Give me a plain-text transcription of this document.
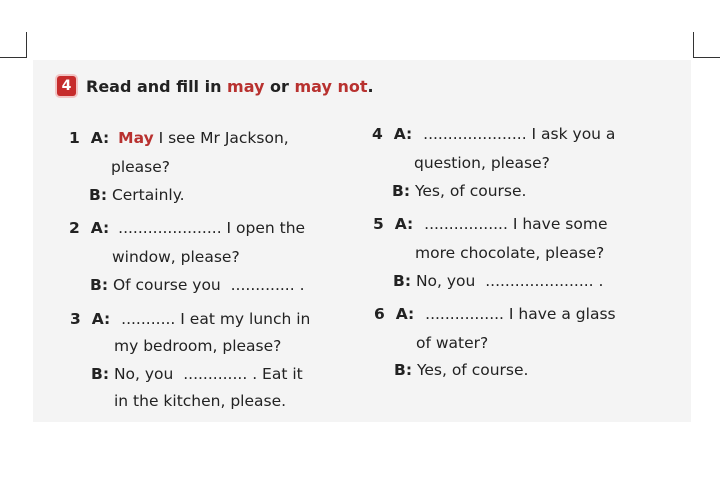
4 Read and fill in may or may not .
1 A: May I see Mr Jackson,
please?
B: Certainly.
2 A: ..................... I open the
window, please?
B: Of course you  ............. .
3 A: ........... I eat my lunch in
my bedroom, please?
B: No, you  ............. . Eat it
in the kitchen, please.
4 A: ..................... I ask you a
question, please?
B: Yes, of course.
5 A: ................. I have some
more chocolate, please?
B: No, you  ...................... .
6 A: ................ I have a glass
of water?
B: Yes, of course.
